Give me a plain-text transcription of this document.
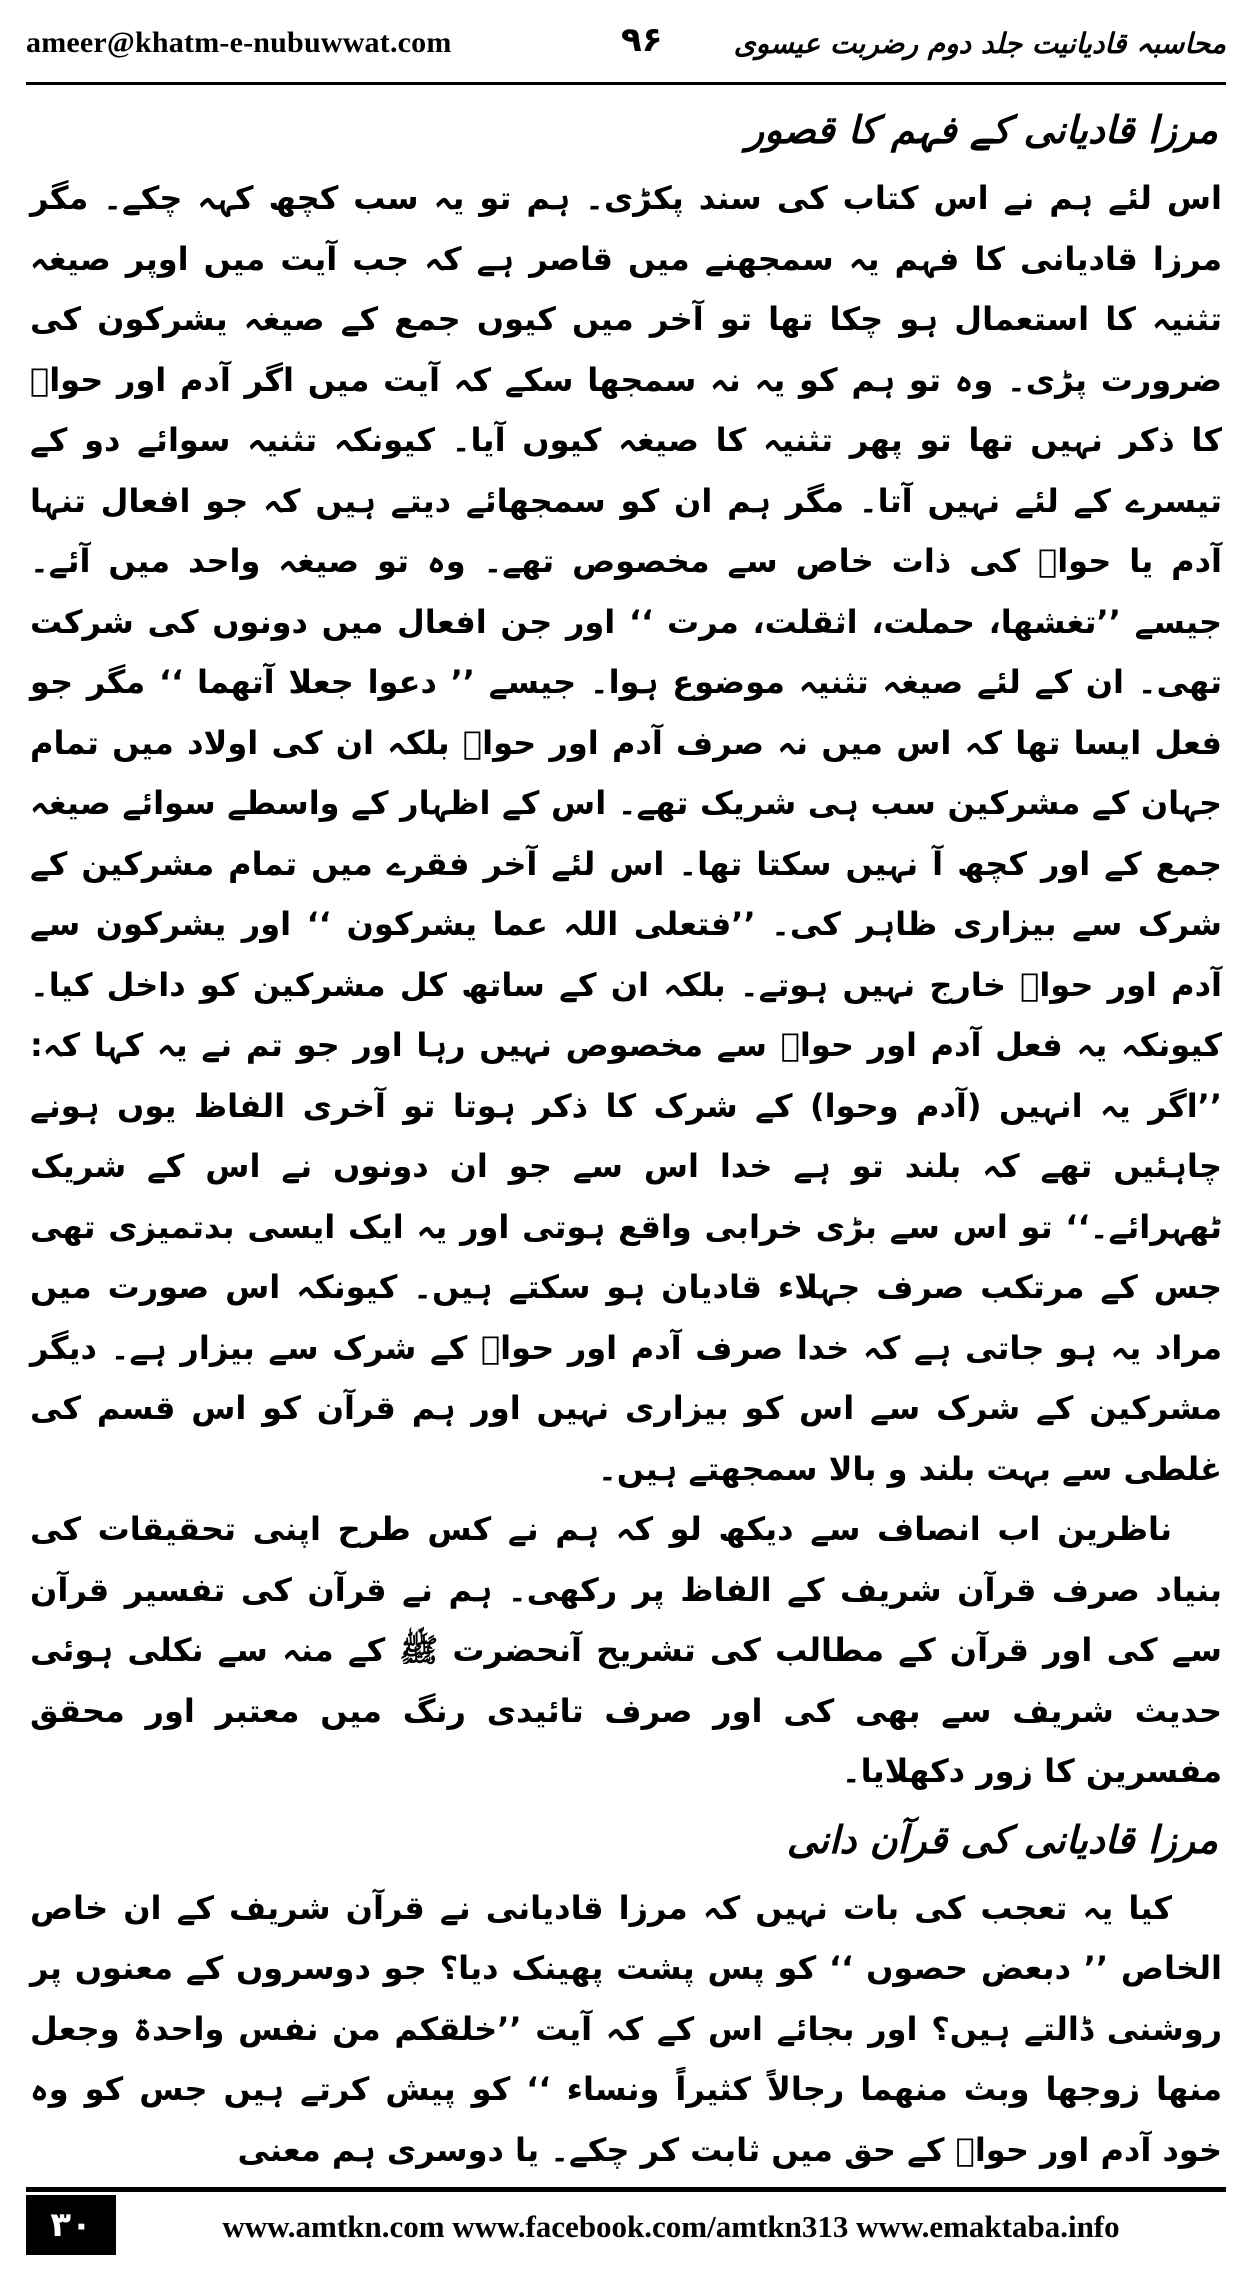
ameer@khatm-e-nubuwwat.com	۹۶	محاسبہ قادیانیت جلد دوم رضربت عیسوی
مرزا قادیانی کے فہم کا قصور

اس لئے ہم نے اس کتاب کی سند پکڑی۔ ہم تو یہ سب کچھ کہہ چکے۔ مگر مرزا قادیانی کا فہم یہ سمجھنے میں قاصر ہے کہ جب آیت میں اوپر صیغہ تثنیہ کا استعمال ہو چکا تھا تو آخر میں کیوں جمع کے صیغہ یشرکون کی ضرورت پڑی۔ وہ تو ہم کو یہ نہ سمجھا سکے کہ آیت میں اگر آدم اور حواؑ کا ذکر نہیں تھا تو پھر تثنیہ کا صیغہ کیوں آیا۔ کیونکہ تثنیہ سوائے دو کے تیسرے کے لئے نہیں آتا۔ مگر ہم ان کو سمجھائے دیتے ہیں کہ جو افعال تنہا آدم یا حواؑ کی ذات خاص سے مخصوص تھے۔ وہ تو صیغہ واحد میں آئے۔ جیسے ’’تغشھا، حملت، اثقلت، مرت ‘‘ اور جن افعال میں دونوں کی شرکت تھی۔ ان کے لئے صیغہ تثنیہ موضوع ہوا۔ جیسے ’’ دعوا جعلا آتھما ‘‘ مگر جو فعل ایسا تھا کہ اس میں نہ صرف آدم اور حواؑ بلکہ ان کی اولاد میں تمام جہان کے مشرکین سب ہی شریک تھے۔ اس کے اظہار کے واسطے سوائے صیغہ جمع کے اور کچھ آ نہیں سکتا تھا۔ اس لئے آخر فقرے میں تمام مشرکین کے شرک سے بیزاری ظاہر کی۔ ’’فتعلی اللہ عما یشرکون ‘‘ اور یشرکون سے آدم اور حواؑ خارج نہیں ہوتے۔ بلکہ ان کے ساتھ کل مشرکین کو داخل کیا۔ کیونکہ یہ فعل آدم اور حواؑ سے مخصوص نہیں رہا اور جو تم نے یہ کہا کہ: ’’اگر یہ انہیں (آدم وحوا) کے شرک کا ذکر ہوتا تو آخری الفاظ یوں ہونے چاہئیں تھے کہ بلند تو ہے خدا اس سے جو ان دونوں نے اس کے شریک ٹھہرائے۔‘‘ تو اس سے بڑی خرابی واقع ہوتی اور یہ ایک ایسی بدتمیزی تھی جس کے مرتکب صرف جہلاء قادیان ہو سکتے ہیں۔ کیونکہ اس صورت میں مراد یہ ہو جاتی ہے کہ خدا صرف آدم اور حواؑ کے شرک سے بیزار ہے۔ دیگر مشرکین کے شرک سے اس کو بیزاری نہیں اور ہم قرآن کو اس قسم کی غلطی سے بہت بلند و بالا سمجھتے ہیں۔

ناظرین اب انصاف سے دیکھ لو کہ ہم نے کس طرح اپنی تحقیقات کی بنیاد صرف قرآن شریف کے الفاظ پر رکھی۔ ہم نے قرآن کی تفسیر قرآن سے کی اور قرآن کے مطالب کی تشریح آنحضرت ﷺ کے منہ سے نکلی ہوئی حدیث شریف سے بھی کی اور صرف تائیدی رنگ میں معتبر اور محقق مفسرین کا زور دکھلایا۔

مرزا قادیانی کی قرآن دانی

کیا یہ تعجب کی بات نہیں کہ مرزا قادیانی نے قرآن شریف کے ان خاص الخاص ’’ دبعض حصوں ‘‘ کو پس پشت پھینک دیا؟ جو دوسروں کے معنوں پر روشنی ڈالتے ہیں؟ اور بجائے اس کے کہ آیت ’’خلقکم من نفس واحدۃ وجعل منھا زوجھا وبث منھما رجالاً کثیراً ونساء ‘‘ کو پیش کرتے ہیں جس کو وہ خود آدم اور حواؑ کے حق میں ثابت کر چکے۔ یا دوسری ہم معنی

۳۰	www.amtkn.com www.facebook.com/amtkn313 www.emaktaba.info
